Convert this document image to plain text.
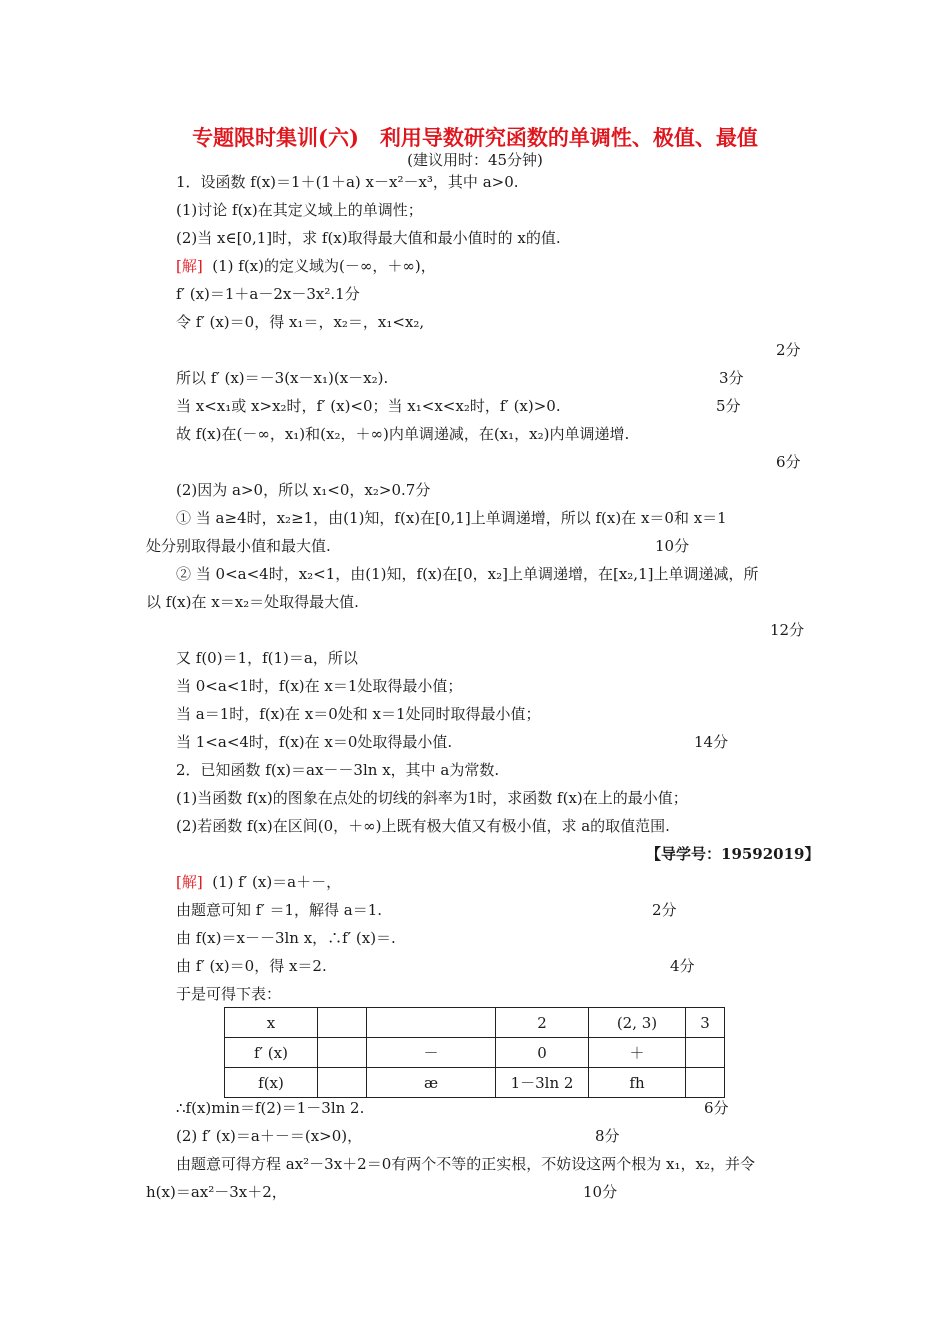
专题限时集训(六)　利用导数研究函数的单调性、极值、最值
(建议用时：45分钟)
1．设函数 f(x)＝1＋(1＋a) x－x²－x³，其中 a>0.
(1)讨论 f(x)在其定义域上的单调性；
(2)当 x∈[0,1]时，求 f(x)取得最大值和最小值时的 x的值.
[解] (1) f(x)的定义域为(－∞，＋∞)，
f′ (x)＝1＋a－2x－3x².1分
令 f′ (x)＝0，得 x₁＝，x₂＝，x₁<x₂,
2分
所以 f′ (x)＝－3(x－x₁)(x－x₂).	3分
当 x<x₁或 x>x₂时，f′ (x)<0；当 x₁<x<x₂时，f′ (x)>0.	5分
故 f(x)在(－∞，x₁)和(x₂，＋∞)内单调递减，在(x₁，x₂)内单调递增.
6分
(2)因为 a>0，所以 x₁<0，x₂>0.7分
① 当 a≥4时，x₂≥1，由(1)知，f(x)在[0,1]上单调递增，所以 f(x)在 x＝0和 x＝1
处分别取得最小值和最大值.	10分
② 当 0<a<4时，x₂<1，由(1)知，f(x)在[0，x₂]上单调递增，在[x₂,1]上单调递减，所
以 f(x)在 x＝x₂＝处取得最大值.
12分
又 f(0)＝1，f(1)＝a，所以
当 0<a<1时，f(x)在 x＝1处取得最小值；
当 a＝1时，f(x)在 x＝0处和 x＝1处同时取得最小值；
当 1<a<4时，f(x)在 x＝0处取得最小值.	14分
2．已知函数 f(x)＝ax－－3ln x，其中 a为常数.
(1)当函数 f(x)的图象在点处的切线的斜率为1时，求函数 f(x)在上的最小值；
(2)若函数 f(x)在区间(0，＋∞)上既有极大值又有极小值，求 a的取值范围.
【导学号：19592019】
[解] (1) f′ (x)＝a＋－，
由题意可知 f′ ＝1，解得 a＝1.	2分
由 f(x)＝x－－3ln x，∴f′ (x)＝.
由 f′ (x)＝0，得 x＝2.	4分
于是可得下表：
x			2	(2, 3)	3
f′ (x)		－	0	＋	
f(x)		æ	1－3ln 2	fh	
∴f(x)min＝f(2)＝1－3ln 2.	6分
(2) f′ (x)＝a＋－＝(x>0)，	8分
由题意可得方程 ax²－3x＋2＝0有两个不等的正实根，不妨设这两个根为 x₁，x₂，并令
h(x)＝ax²－3x＋2，	10分
